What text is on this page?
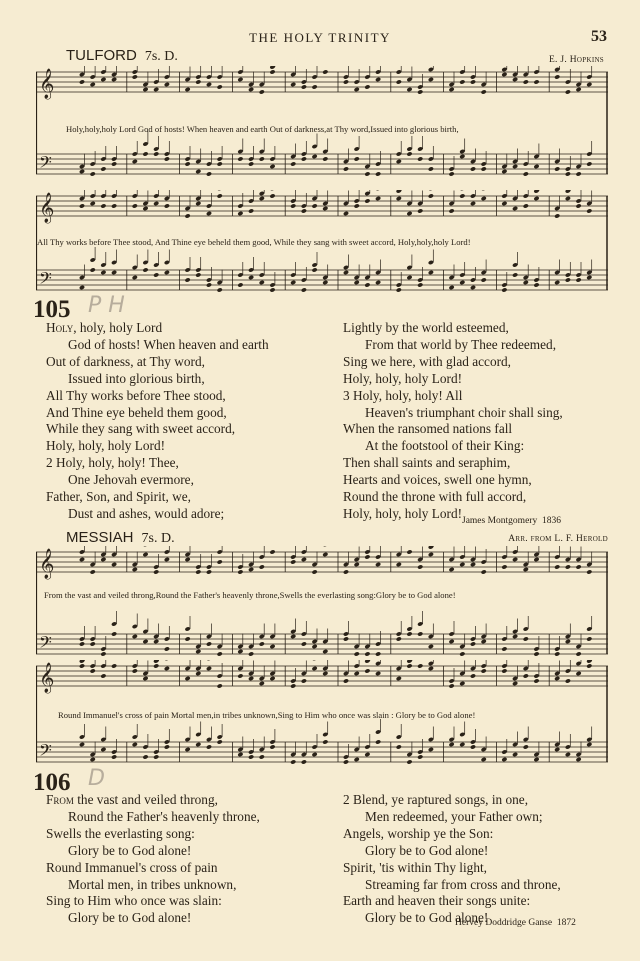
THE HOLY TRINITY	53
TULFORD 7s. D.	E. J. Hopkins
𝄞
𝄢
Holy,holy,holy Lord God of hosts! When heaven and earth Out of darkness,at Thy word,Issued into glorious birth,
𝄞
𝄢
All Thy works before Thee stood, And Thine eye beheld them good, While they sang with sweet accord, Holy,holy,holy Lord!
105 P H
Holy, holy, holy Lord
God of hosts! When heaven and earth
Out of darkness, at Thy word,
Issued into glorious birth,
All Thy works before Thee stood,
And Thine eye beheld them good,
While they sang with sweet accord,
Holy, holy, holy Lord!
2 Holy, holy, holy! Thee,
One Jehovah evermore,
Father, Son, and Spirit, we,
Dust and ashes, would adore;
Lightly by the world esteemed,
From that world by Thee redeemed,
Sing we here, with glad accord,
Holy, holy, holy Lord!
3 Holy, holy, holy! All
Heaven's triumphant choir shall sing,
When the ransomed nations fall
At the footstool of their King:
Then shall saints and seraphim,
Hearts and voices, swell one hymn,
Round the throne with full accord,
Holy, holy, holy Lord!
James Montgomery 1836
MESSIAH 7s. D.	Arr. from L. F. Herold
𝄞
𝄢
From the vast and veiled throng,Round the Father's heavenly throne,Swells the everlasting song:Glory be to God alone!
𝄞
𝄢
Round Immanuel's cross of pain Mortal men,in tribes unknown,Sing to Him who once was slain : Glory be to God alone!
106 D
From the vast and veiled throng,
Round the Father's heavenly throne,
Swells the everlasting song:
Glory be to God alone!
Round Immanuel's cross of pain
Mortal men, in tribes unknown,
Sing to Him who once was slain:
Glory be to God alone!
2 Blend, ye raptured songs, in one,
Men redeemed, your Father own;
Angels, worship ye the Son:
Glory be to God alone!
Spirit, 'tis within Thy light,
Streaming far from cross and throne,
Earth and heaven their songs unite:
Glory be to God alone!
Hervey Doddridge Ganse 1872
